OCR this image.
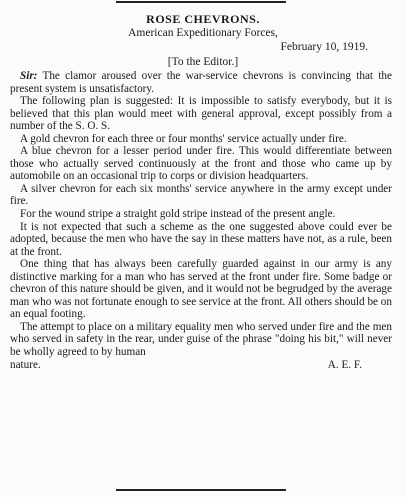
ROSE CHEVRONS.
American Expeditionary Forces,
February 10, 1919.
[To the Editor.]

Sir: The clamor aroused over the war-service chevrons is convincing that the present system is unsatisfactory.

The following plan is suggested: It is impossible to satisfy everybody, but it is believed that this plan would meet with general approval, except possibly from a number of the S. O. S.

A gold chevron for each three or four months' service actually under fire.

A blue chevron for a lesser period under fire. This would differentiate between those who actually served continuously at the front and those who came up by automobile on an occasional trip to corps or division headquarters.

A silver chevron for each six months' service anywhere in the army except under fire.

For the wound stripe a straight gold stripe instead of the present angle.

It is not expected that such a scheme as the one suggested above could ever be adopted, because the men who have the say in these matters have not, as a rule, been at the front.

One thing that has always been carefully guarded against in our army is any distinctive marking for a man who has served at the front under fire. Some badge or chevron of this nature should be given, and it would not be begrudged by the average man who was not fortunate enough to see service at the front. All others should be on an equal footing.

The attempt to place on a military equality men who served under fire and the men who served in safety in the rear, under guise of the phrase "doing his bit," will never be wholly agreed to by human

nature.	A. E. F.
